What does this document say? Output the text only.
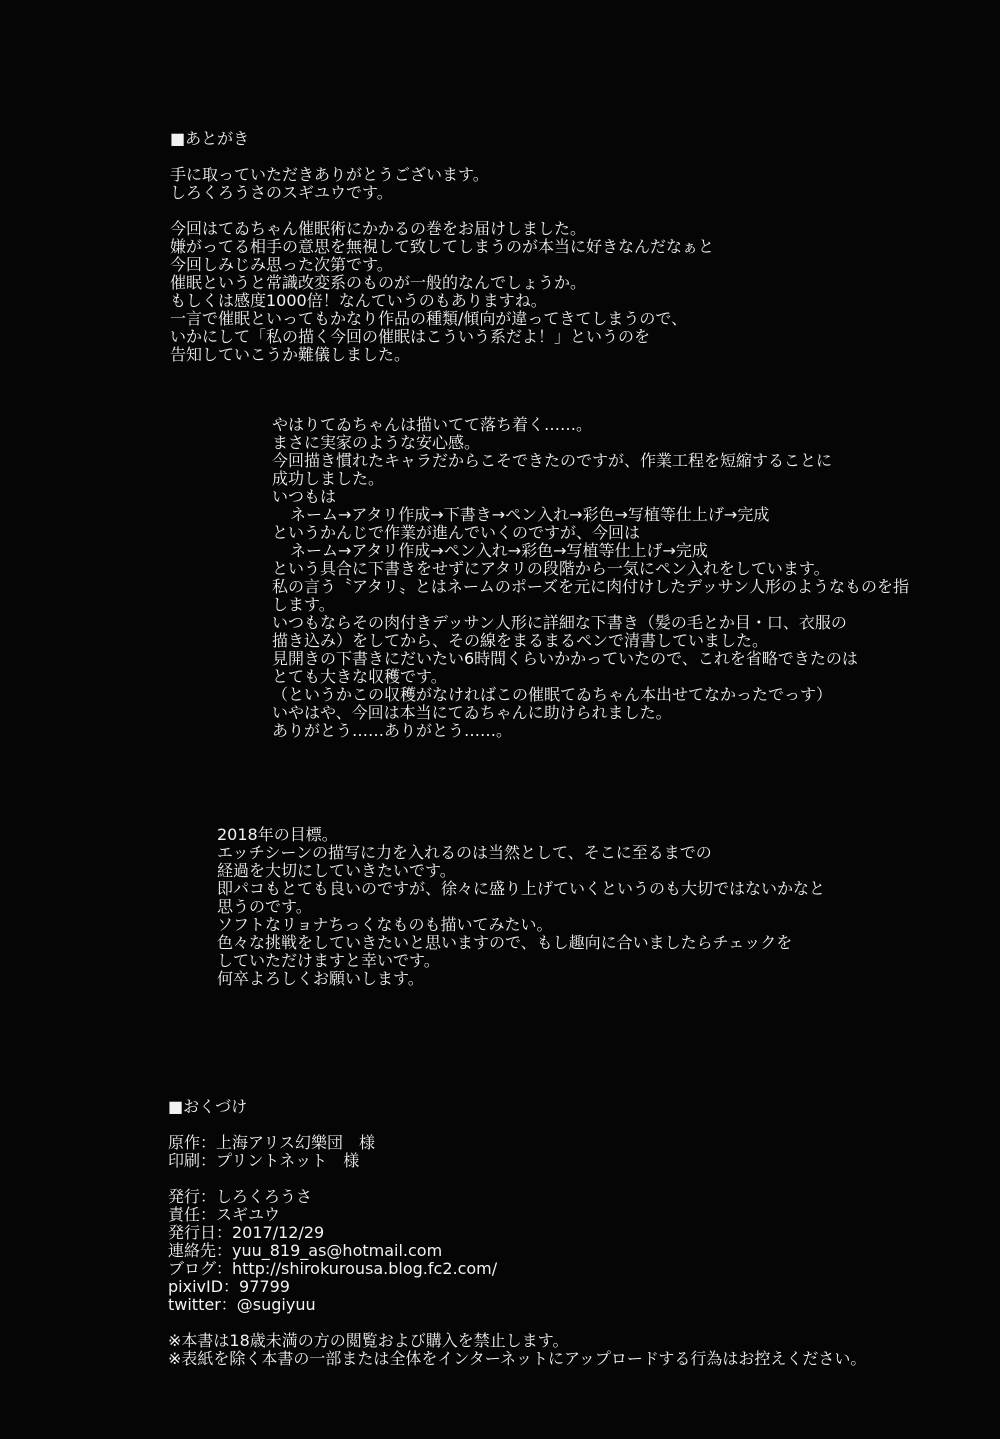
■あとがき
手に取っていただきありがとうございます。
しろくろうさのスギユウです。
今回はてゐちゃん催眠術にかかるの巻をお届けしました。
嫌がってる相手の意思を無視して致してしまうのが本当に好きなんだなぁと
今回しみじみ思った次第です。
催眠というと常識改変系のものが一般的なんでしょうか。
もしくは感度1000倍！なんていうのもありますね。
一言で催眠といってもかなり作品の種類/傾向が違ってきてしまうので、
いかにして「私の描く今回の催眠はこういう系だよ！」というのを
告知していこうか難儀しました。
やはりてゐちゃんは描いてて落ち着く……。
まさに実家のような安心感。
今回描き慣れたキャラだからこそできたのですが、作業工程を短縮することに
成功しました。
いつもは
ネーム→アタリ作成→下書き→ペン入れ→彩色→写植等仕上げ→完成
というかんじで作業が進んでいくのですが、今回は
ネーム→アタリ作成→ペン入れ→彩色→写植等仕上げ→完成
という具合に下書きをせずにアタリの段階から一気にペン入れをしています。
私の言う〝アタリ〟とはネームのポーズを元に肉付けしたデッサン人形のようなものを指します。
いつもならその肉付きデッサン人形に詳細な下書き（髪の毛とか目・口、衣服の
描き込み）をしてから、その線をまるまるペンで清書していました。
見開きの下書きにだいたい6時間くらいかかっていたので、これを省略できたのは
とても大きな収穫です。
（というかこの収穫がなければこの催眠てゐちゃん本出せてなかったでっす）
いやはや、今回は本当にてゐちゃんに助けられました。
ありがとう……ありがとう……。
2018年の目標。
エッチシーンの描写に力を入れるのは当然として、そこに至るまでの
経過を大切にしていきたいです。
即パコもとても良いのですが、徐々に盛り上げていくというのも大切ではないかなと
思うのです。
ソフトなリョナちっくなものも描いてみたい。
色々な挑戦をしていきたいと思いますので、もし趣向に合いましたらチェックを
していただけますと幸いです。
何卒よろしくお願いします。
■おくづけ
原作：上海アリス幻樂団　様
印刷：プリントネット　様
発行：しろくろうさ
責任：スギユウ
発行日：2017/12/29
連絡先：yuu_819_as@hotmail.com
ブログ：http://shirokurousa.blog.fc2.com/
pixivID：97799
twitter：@sugiyuu
※本書は18歳未満の方の閲覧および購入を禁止します。
※表紙を除く本書の一部または全体をインターネットにアップロードする行為はお控えください。
